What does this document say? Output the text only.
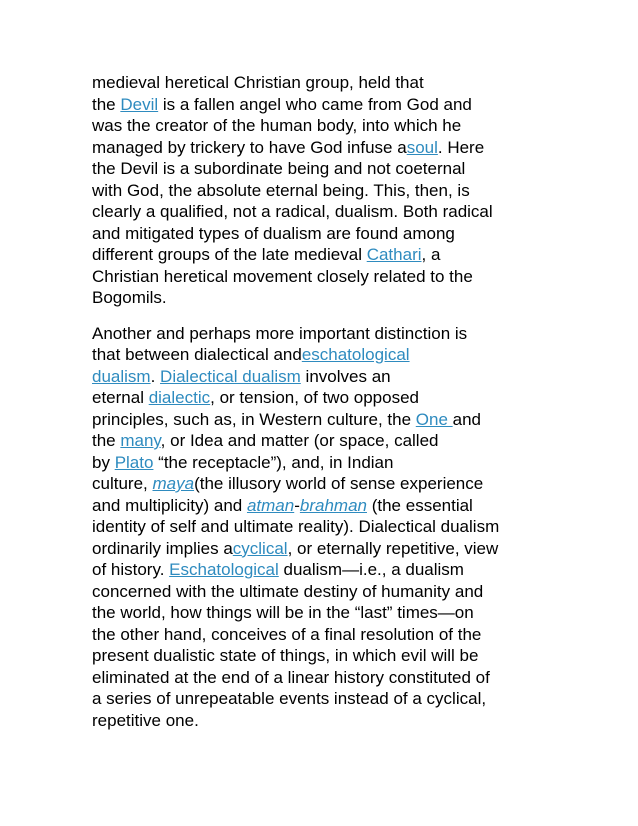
medieval heretical Christian group, held that
the Devil is a fallen angel who came from God and
was the creator of the human body, into which he
managed by trickery to have God infuse asoul. Here
the Devil is a subordinate being and not coeternal
with God, the absolute eternal being. This, then, is
clearly a qualified, not a radical, dualism. Both radical
and mitigated types of dualism are found among
different groups of the late medieval Cathari, a
Christian heretical movement closely related to the
Bogomils.
Another and perhaps more important distinction is
that between dialectical andeschatological
dualism. Dialectical dualism involves an
eternal dialectic, or tension, of two opposed
principles, such as, in Western culture, the One and
the many, or Idea and matter (or space, called
by Plato “the receptacle”), and, in Indian
culture, maya(the illusory world of sense experience
and multiplicity) and atman-brahman (the essential
identity of self and ultimate reality). Dialectical dualism
ordinarily implies acyclical, or eternally repetitive, view
of history. Eschatological dualism—i.e., a dualism
concerned with the ultimate destiny of humanity and
the world, how things will be in the “last” times—on
the other hand, conceives of a final resolution of the
present dualistic state of things, in which evil will be
eliminated at the end of a linear history constituted of
a series of unrepeatable events instead of a cyclical,
repetitive one.
